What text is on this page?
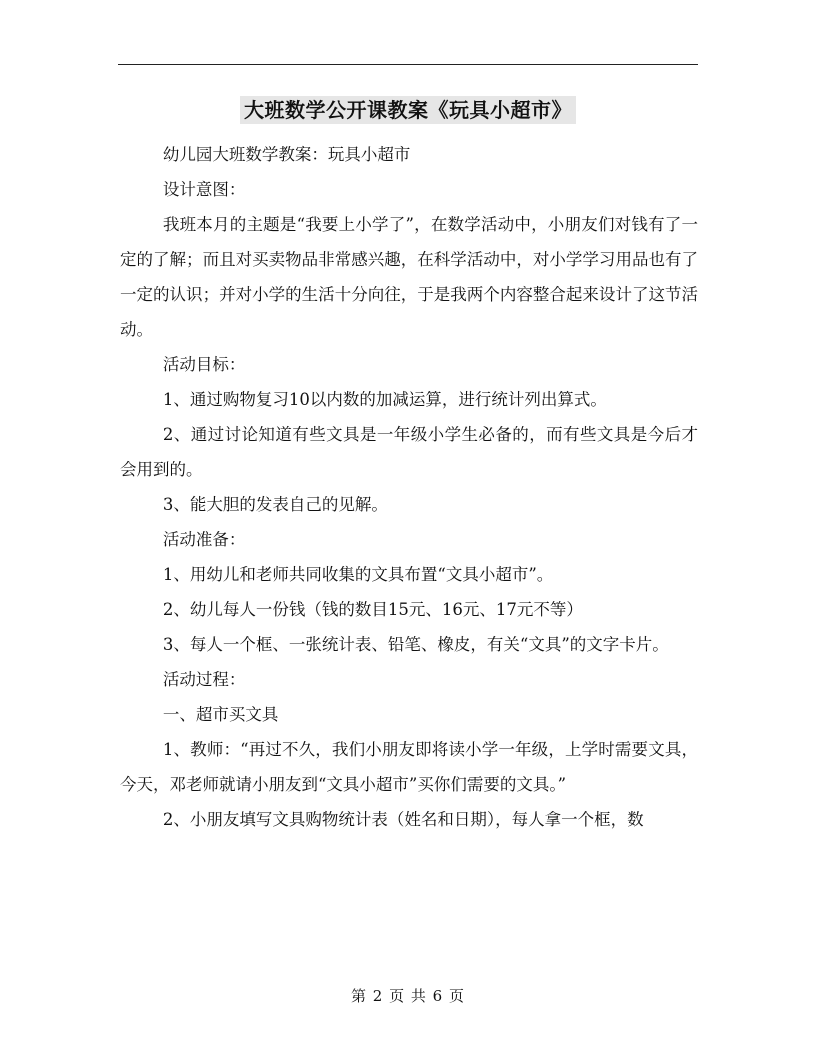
大班数学公开课教案《玩具小超市》

幼儿园大班数学教案：玩具小超市

设计意图：

我班本月的主题是“我要上小学了”，在数学活动中，小朋友们对钱有了一定的了解；而且对买卖物品非常感兴趣，在科学活动中，对小学学习用品也有了一定的认识；并对小学的生活十分向往，于是我两个内容整合起来设计了这节活动。

活动目标：

1、通过购物复习10以内数的加减运算，进行统计列出算式。

2、通过讨论知道有些文具是一年级小学生必备的，而有些文具是今后才会用到的。

3、能大胆的发表自己的见解。

活动准备：

1、用幼儿和老师共同收集的文具布置“文具小超市”。

2、幼儿每人一份钱（钱的数目15元、16元、17元不等）

3、每人一个框、一张统计表、铅笔、橡皮，有关“文具”的文字卡片。

活动过程：

一、超市买文具

1、教师：“再过不久，我们小朋友即将读小学一年级，上学时需要文具，今天，邓老师就请小朋友到“文具小超市”买你们需要的文具。”

2、小朋友填写文具购物统计表（姓名和日期），每人拿一个框，数

第 2 页 共 6 页
